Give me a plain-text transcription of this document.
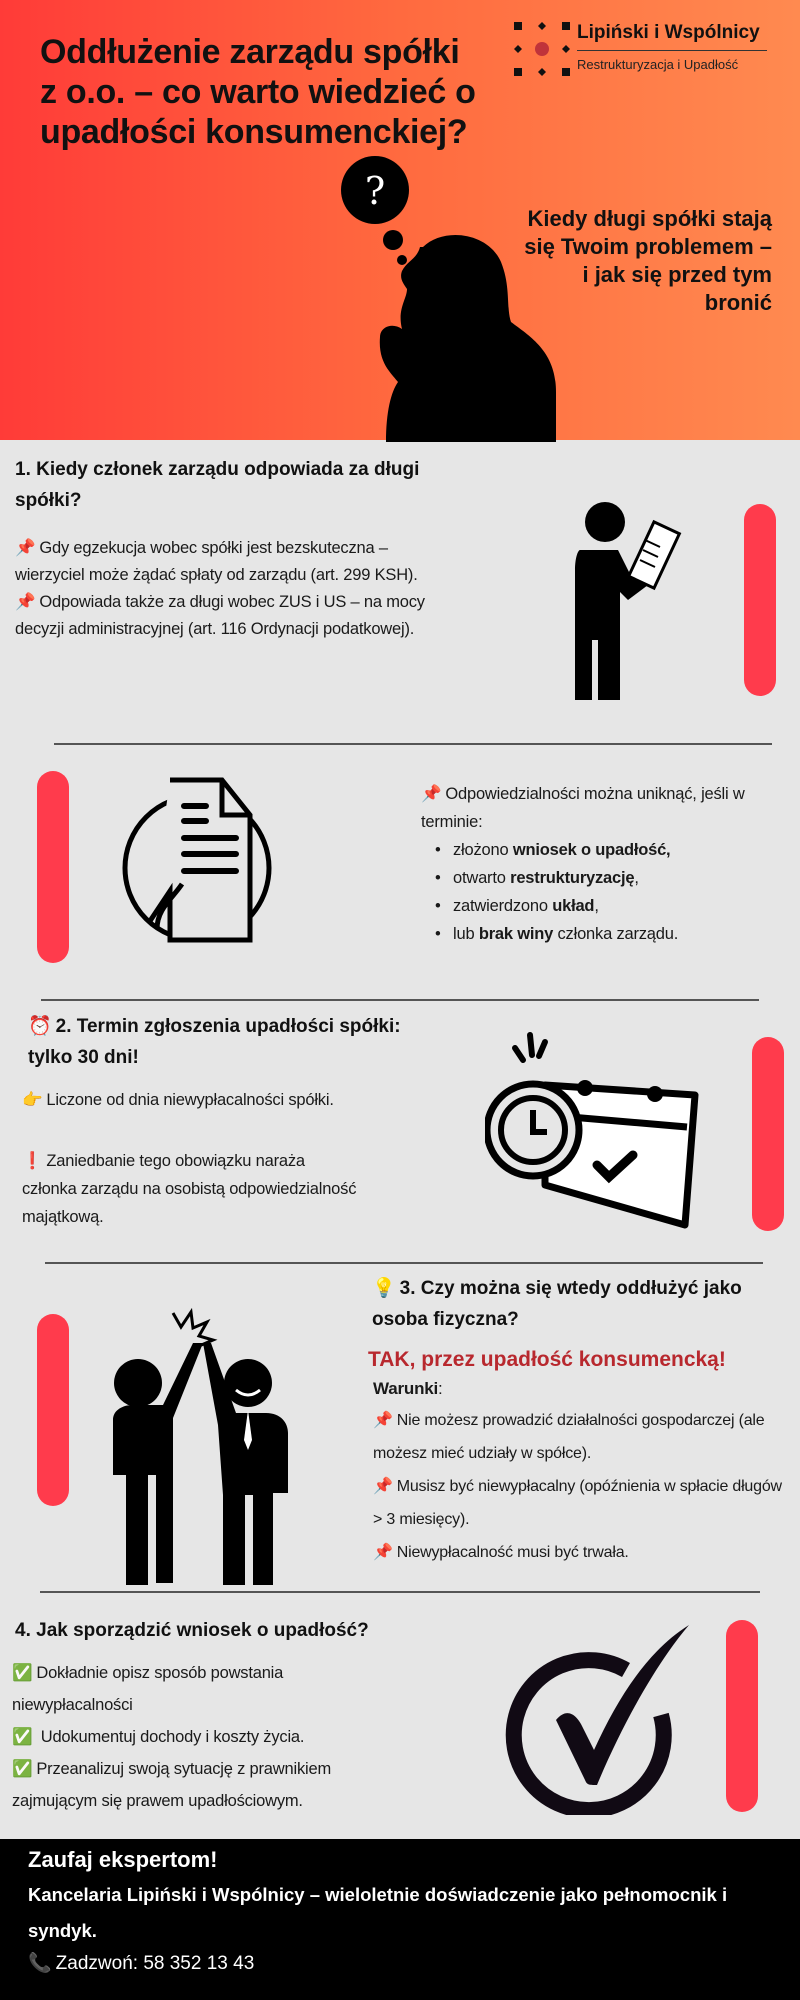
Oddłużenie zarządu spółki z o.o. – co warto wiedzieć o upadłości konsumenckiej?
Lipiński i Wspólnicy
Restrukturyzacja i Upadłość
Kiedy długi spółki stają się Twoim problemem – i jak się przed tym bronić
?
1. Kiedy członek zarządu odpowiada za długi spółki?
📌 Gdy egzekucja wobec spółki jest bezskuteczna – wierzyciel może żądać spłaty od zarządu (art. 299 KSH).
📌 Odpowiada także za długi wobec ZUS i US – na mocy decyzji administracyjnej (art. 116 Ordynacji podatkowej).
📌 Odpowiedzialności można uniknąć, jeśli w terminie:
• złożono wniosek o upadłość,
• otwarto restrukturyzację,
• zatwierdzono układ,
• lub brak winy członka zarządu.
⏰ 2. Termin zgłoszenia upadłości spółki: tylko 30 dni!
👉 Liczone od dnia niewypłacalności spółki.
❗ Zaniedbanie tego obowiązku naraża członka zarządu na osobistą odpowiedzialność majątkową.
💡 3. Czy można się wtedy oddłużyć jako osoba fizyczna?
TAK, przez upadłość konsumencką!
Warunki:
📌 Nie możesz prowadzić działalności gospodarczej (ale możesz mieć udziały w spółce).
📌 Musisz być niewypłacalny (opóźnienia w spłacie długów > 3 miesięcy).
📌 Niewypłacalność musi być trwała.
4. Jak sporządzić wniosek o upadłość?
✅ Dokładnie opisz sposób powstania niewypłacalności
✅ Udokumentuj dochody i koszty życia.
✅ Przeanalizuj swoją sytuację z prawnikiem zajmującym się prawem upadłościowym.
Zaufaj ekspertom!
Kancelaria Lipiński i Wspólnicy – wieloletnie doświadczenie jako pełnomocnik i syndyk.
📞 Zadzwoń: 58 352 13 43
